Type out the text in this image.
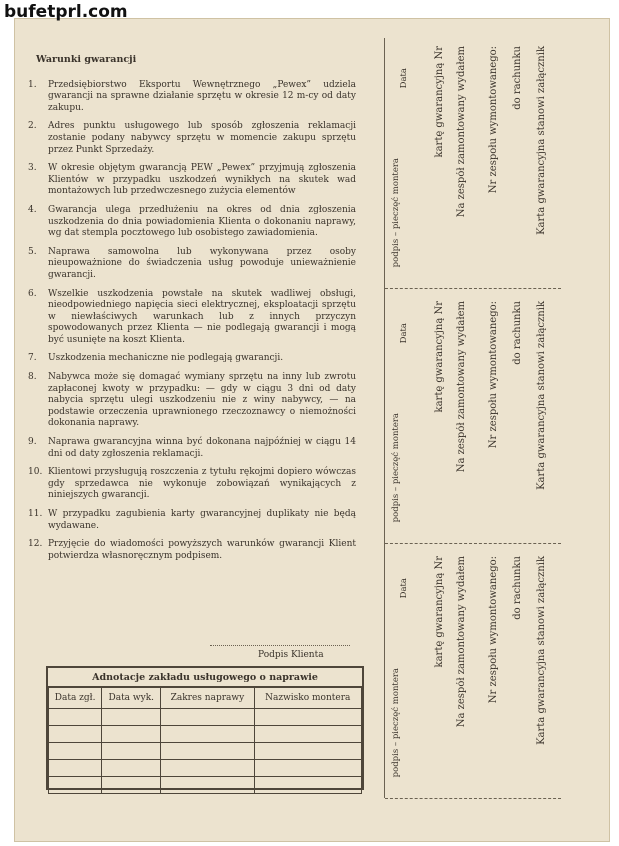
bufetprl.com
Warunki gwarancji
1.	Przedsiębiorstwo Eksportu Wewnętrznego „Pewex” udziela gwarancji na sprawne działanie sprzętu w okresie 12 m-cy od daty zakupu.
2.	Adres punktu usługowego lub sposób zgłoszenia reklamacji zostanie podany nabywcy sprzętu w momencie zakupu sprzętu przez Punkt Sprzedaży.
3.	W okresie objętym gwarancją PEW „Pewex” przyjmują zgłoszenia Klientów w przypadku uszkodzeń wynikłych na skutek wad montażowych lub przedwczesnego zużycia elementów
4.	Gwarancja ulega przedłużeniu na okres od dnia zgłoszenia uszkodzenia do dnia powiadomienia Klienta o dokonaniu naprawy, wg dat stempla pocztowego lub osobistego zawiadomienia.
5.	Naprawa samowolna lub wykonywana przez osoby nieupoważnione do świadczenia usług powoduje unieważnienie gwarancji.
6.	Wszelkie uszkodzenia powstałe na skutek wadliwej obsługi, nieodpowiedniego napięcia sieci elektrycznej, eksploatacji sprzętu w niewłaściwych warunkach lub z innych przyczyn spowodowanych przez Klienta — nie podlegają gwarancji i mogą być usunięte na koszt Klienta.
7.	Uszkodzenia mechaniczne nie podlegają gwarancji.
8.	Nabywca może się domagać wymiany sprzętu na inny lub zwrotu zapłaconej kwoty w przypadku: — gdy w ciągu 3 dni od daty nabycia sprzętu ulegi uszkodzeniu nie z winy nabywcy, — na podstawie orzeczenia uprawnionego rzeczoznawcy o niemożności dokonania naprawy.
9.	Naprawa gwarancyjna winna być dokonana najpóźniej w ciągu 14 dni od daty zgłoszenia reklamacji.
10. Klientowi przysługują roszczenia z tytułu rękojmi dopiero wówczas gdy sprzedawca nie wykonuje zobowiązań wynikających z niniejszych gwarancji.
11. W przypadku zagubienia karty gwarancyjnej duplikaty nie będą wydawane.
12. Przyjęcie do wiadomości powyższych warunków gwarancji Klient potwierdza własnoręcznym podpisem.
Podpis Klienta
Adnotacje zakładu usługowego o naprawie
Data zgł.	Data wyk.	Zakres naprawy	Nazwisko montera

Karta gwarancyjna stanowi załącznik
do rachunku
Nr zespołu wymontowanego:
Na zespół zamontowany wydałem
kartę gwarancyjną Nr
Data
podpis – pieczęć montera
Karta gwarancyjna stanowi załącznik
do rachunku
Nr zespołu wymontowanego:
Na zespół zamontowany wydałem
kartę gwarancyjną Nr
Data
podpis – pieczęć montera
Karta gwarancyjna stanowi załącznik
do rachunku
Nr zespołu wymontowanego:
Na zespół zamontowany wydałem
kartę gwarancyjną Nr
Data
podpis – pieczęć montera
